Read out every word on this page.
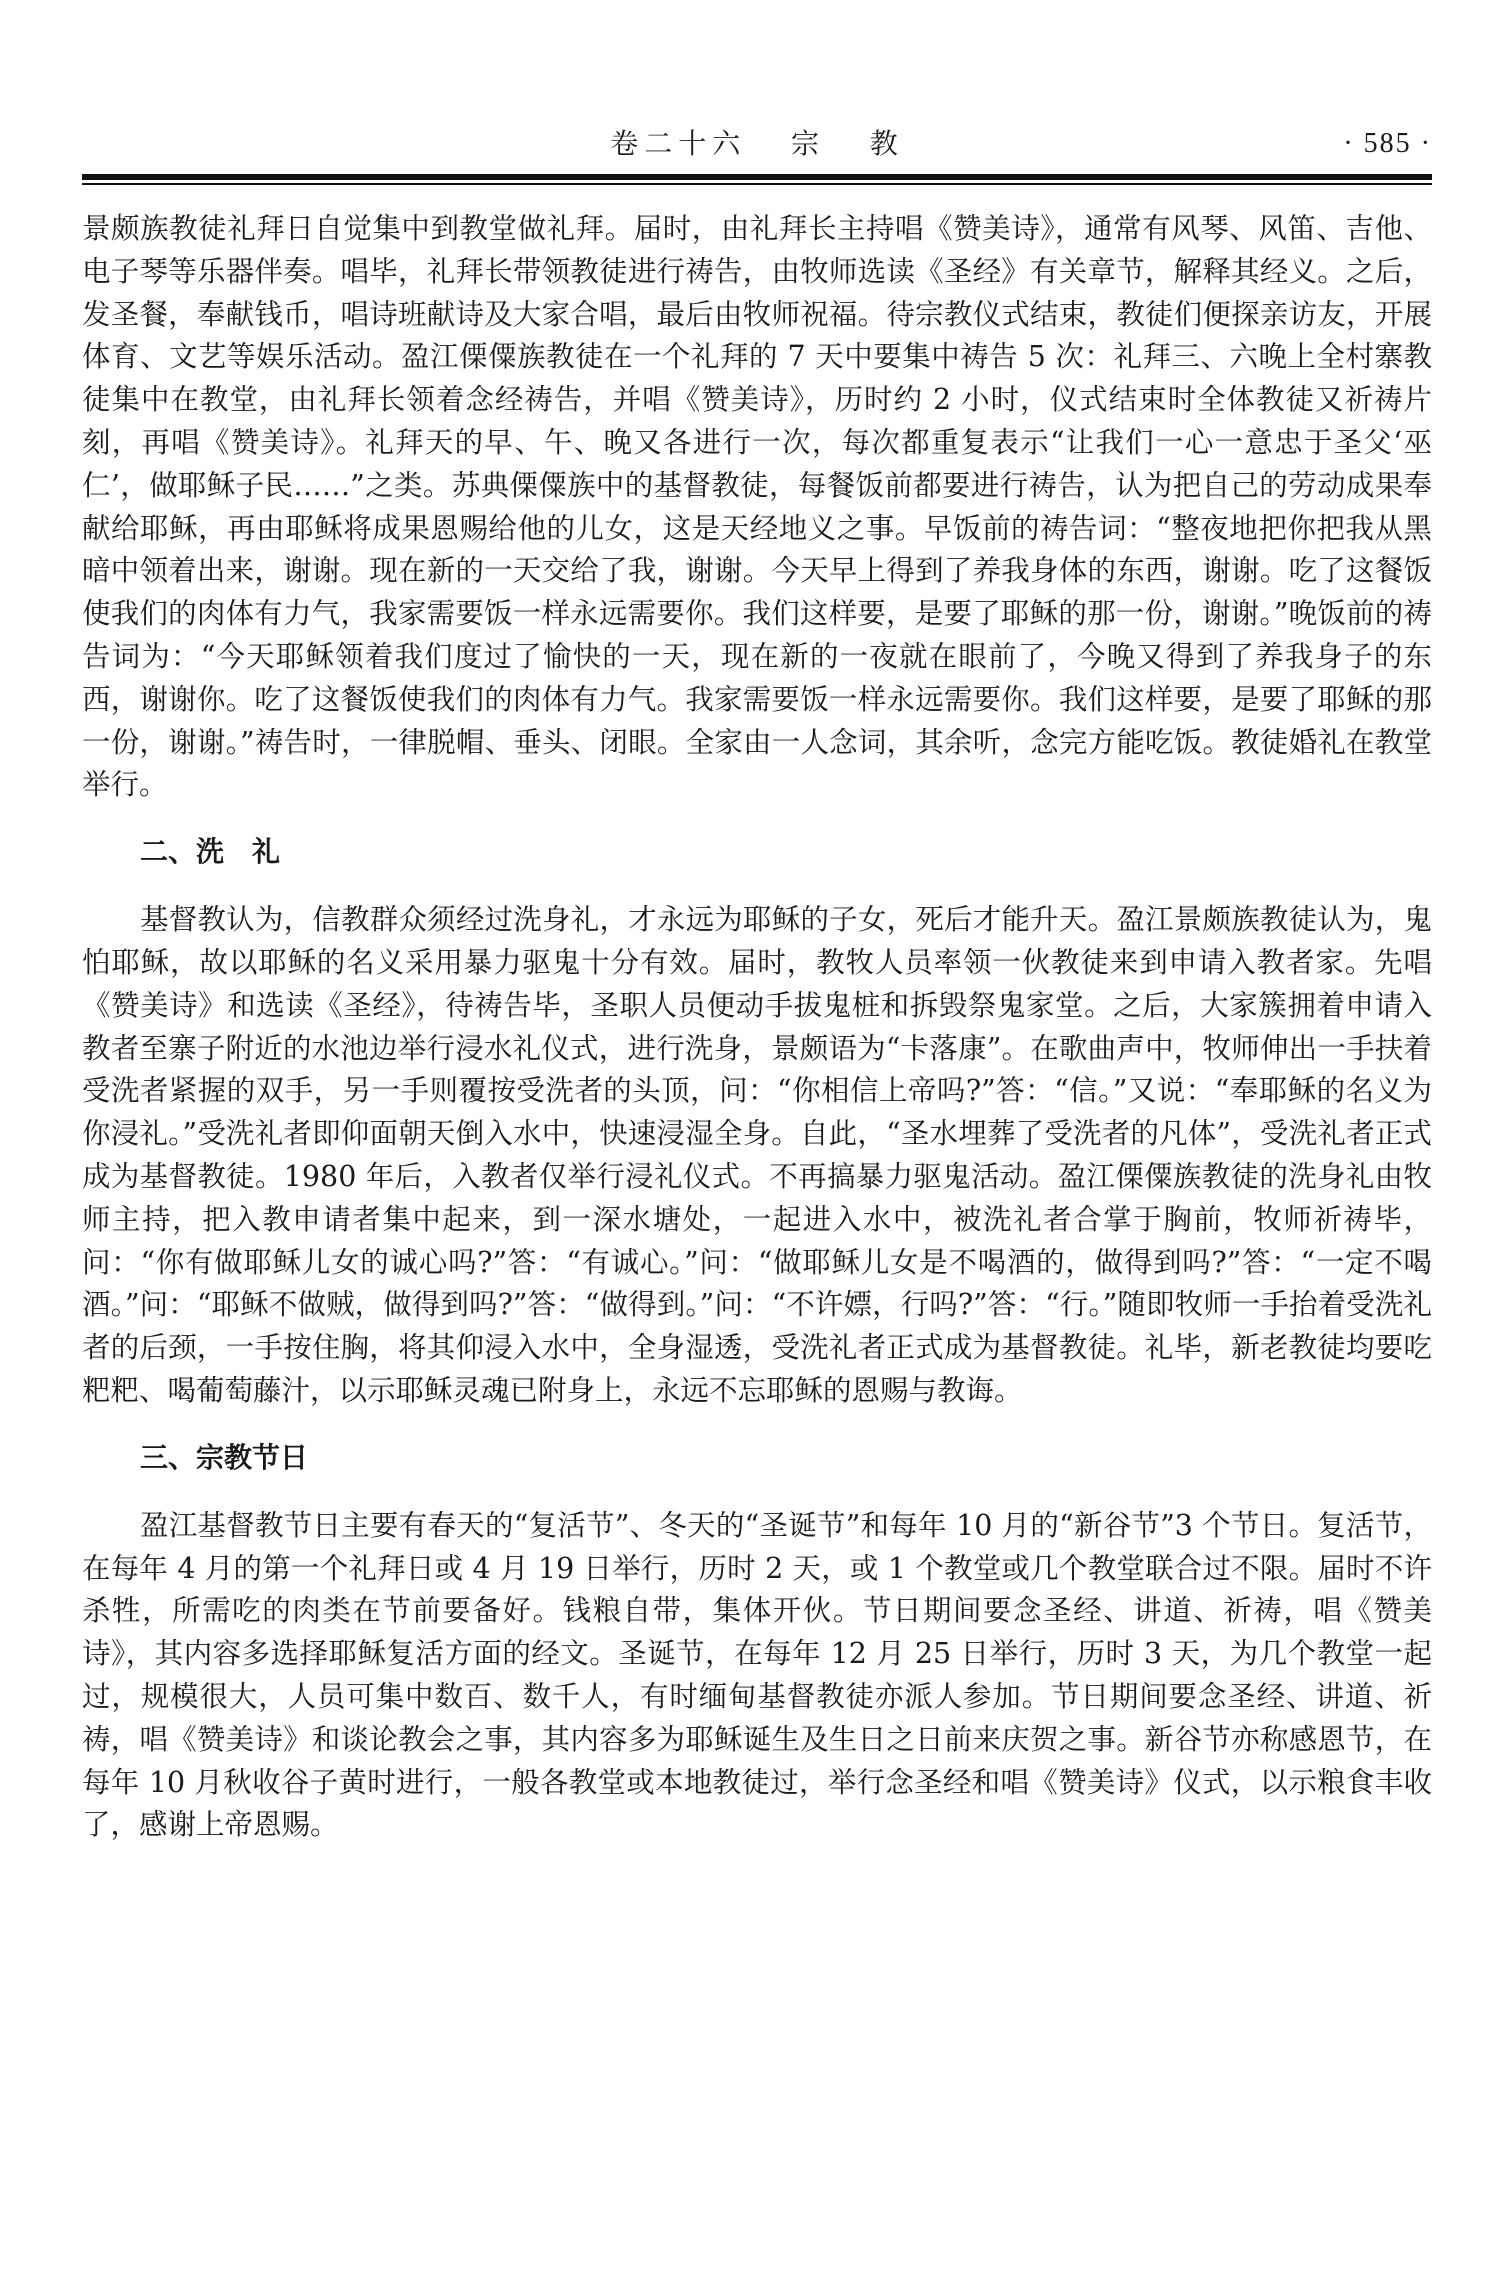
卷二十六   宗   教	· 585 ·

景颇族教徒礼拜日自觉集中到教堂做礼拜。届时，由礼拜长主持唱《赞美诗》，通常有风琴、风笛、吉他、电子琴等乐器伴奏。唱毕，礼拜长带领教徒进行祷告，由牧师选读《圣经》有关章节，解释其经义。之后，发圣餐，奉献钱币，唱诗班献诗及大家合唱，最后由牧师祝福。待宗教仪式结束，教徒们便探亲访友，开展体育、文艺等娱乐活动。盈江傈僳族教徒在一个礼拜的 7 天中要集中祷告 5 次：礼拜三、六晚上全村寨教徒集中在教堂，由礼拜长领着念经祷告，并唱《赞美诗》，历时约 2 小时，仪式结束时全体教徒又祈祷片刻，再唱《赞美诗》。礼拜天的早、午、晚又各进行一次，每次都重复表示“让我们一心一意忠于圣父‘巫仁’，做耶稣子民……”之类。苏典傈僳族中的基督教徒，每餐饭前都要进行祷告，认为把自己的劳动成果奉献给耶稣，再由耶稣将成果恩赐给他的儿女，这是天经地义之事。早饭前的祷告词：“整夜地把你把我从黑暗中领着出来，谢谢。现在新的一天交给了我，谢谢。今天早上得到了养我身体的东西，谢谢。吃了这餐饭使我们的肉体有力气，我家需要饭一样永远需要你。我们这样要，是要了耶稣的那一份，谢谢。”晚饭前的祷告词为：“今天耶稣领着我们度过了愉快的一天，现在新的一夜就在眼前了，今晚又得到了养我身子的东西，谢谢你。吃了这餐饭使我们的肉体有力气。我家需要饭一样永远需要你。我们这样要，是要了耶稣的那一份，谢谢。”祷告时，一律脱帽、垂头、闭眼。全家由一人念词，其余听，念完方能吃饭。教徒婚礼在教堂举行。

二、洗　礼

基督教认为，信教群众须经过洗身礼，才永远为耶稣的子女，死后才能升天。盈江景颇族教徒认为，鬼怕耶稣，故以耶稣的名义采用暴力驱鬼十分有效。届时，教牧人员率领一伙教徒来到申请入教者家。先唱《赞美诗》和选读《圣经》，待祷告毕，圣职人员便动手拔鬼桩和拆毁祭鬼家堂。之后，大家簇拥着申请入教者至寨子附近的水池边举行浸水礼仪式，进行洗身，景颇语为“卡落康”。在歌曲声中，牧师伸出一手扶着受洗者紧握的双手，另一手则覆按受洗者的头顶，问：“你相信上帝吗?”答：“信。”又说：“奉耶稣的名义为你浸礼。”受洗礼者即仰面朝天倒入水中，快速浸湿全身。自此，“圣水埋葬了受洗者的凡体”，受洗礼者正式成为基督教徒。1980 年后，入教者仅举行浸礼仪式。不再搞暴力驱鬼活动。盈江傈僳族教徒的洗身礼由牧师主持，把入教申请者集中起来，到一深水塘处，一起进入水中，被洗礼者合掌于胸前，牧师祈祷毕，问：“你有做耶稣儿女的诚心吗?”答：“有诚心。”问：“做耶稣儿女是不喝酒的，做得到吗?”答：“一定不喝酒。”问：“耶稣不做贼，做得到吗?”答：“做得到。”问：“不许嫖，行吗?”答：“行。”随即牧师一手抬着受洗礼者的后颈，一手按住胸，将其仰浸入水中，全身湿透，受洗礼者正式成为基督教徒。礼毕，新老教徒均要吃粑粑、喝葡萄藤汁，以示耶稣灵魂已附身上，永远不忘耶稣的恩赐与教诲。

三、宗教节日

盈江基督教节日主要有春天的“复活节”、冬天的“圣诞节”和每年 10 月的“新谷节”3 个节日。复活节，在每年 4 月的第一个礼拜日或 4 月 19 日举行，历时 2 天，或 1 个教堂或几个教堂联合过不限。届时不许杀牲，所需吃的肉类在节前要备好。钱粮自带，集体开伙。节日期间要念圣经、讲道、祈祷，唱《赞美诗》，其内容多选择耶稣复活方面的经文。圣诞节，在每年 12 月 25 日举行，历时 3 天，为几个教堂一起过，规模很大，人员可集中数百、数千人，有时缅甸基督教徒亦派人参加。节日期间要念圣经、讲道、祈祷，唱《赞美诗》和谈论教会之事，其内容多为耶稣诞生及生日之日前来庆贺之事。新谷节亦称感恩节，在每年 10 月秋收谷子黄时进行，一般各教堂或本地教徒过，举行念圣经和唱《赞美诗》仪式，以示粮食丰收了，感谢上帝恩赐。
